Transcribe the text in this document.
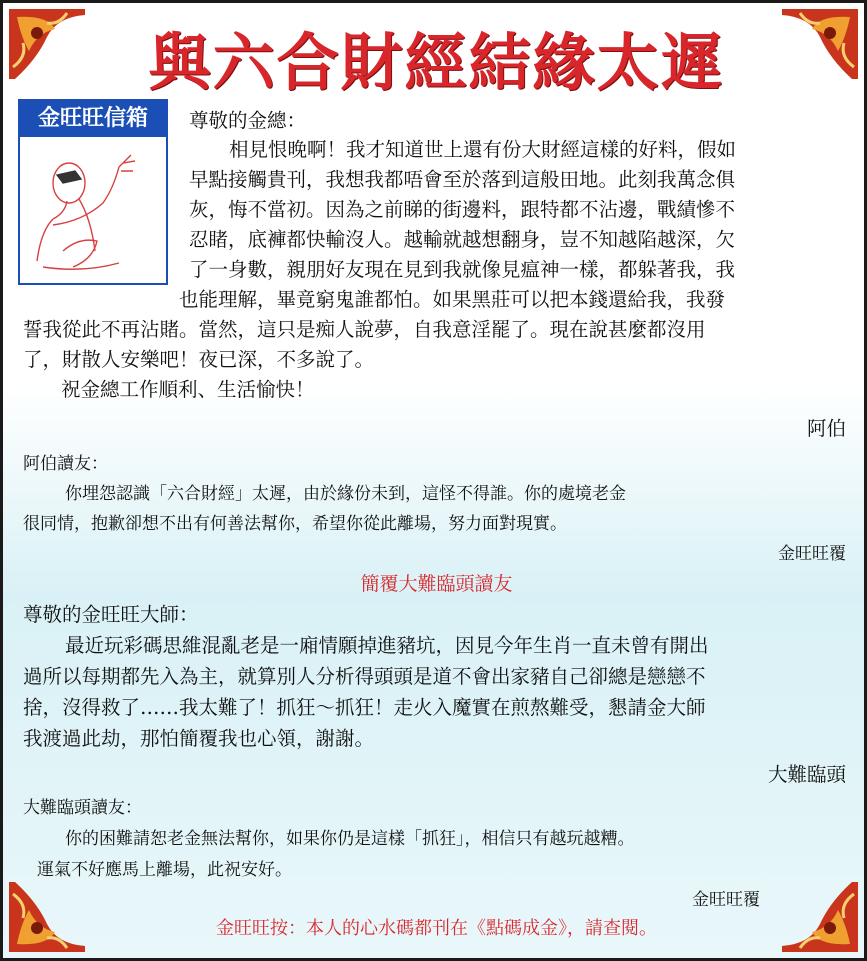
與六合財經結緣太遲
金旺旺信箱	尊敬的金總：
相見恨晚啊！我才知道世上還有份大財經這樣的好料，假如
早點接觸貴刊，我想我都唔會至於落到這般田地。此刻我萬念俱
灰，悔不當初。因為之前睇的街邊料，跟特都不沾邊，戰績慘不
忍睹，底褲都快輸沒人。越輸就越想翻身，豈不知越陷越深，欠
了一身數，親朋好友現在見到我就像見瘟神一樣，都躲著我，我
也能理解，畢竟窮鬼誰都怕。如果黑莊可以把本錢還給我，我發
誓我從此不再沾賭。當然，這只是痴人說夢，自我意淫罷了。現在說甚麼都沒用
了，財散人安樂吧！夜已深，不多說了。
祝金總工作順利、生活愉快！
阿伯
阿伯讀友：
你埋怨認識「六合財經」太遲，由於緣份未到，這怪不得誰。你的處境老金
很同情，抱歉卻想不出有何善法幫你，希望你從此離場，努力面對現實。
金旺旺覆
簡覆大難臨頭讀友
尊敬的金旺旺大師：
最近玩彩碼思維混亂老是一廂情願掉進豬坑，因見今年生肖一直未曾有開出
過所以每期都先入為主，就算別人分析得頭頭是道不會出家豬自己卻總是戀戀不
捨，沒得救了……我太難了！抓狂～抓狂！走火入魔實在煎熬難受，懇請金大師
我渡過此劫，那怕簡覆我也心領，謝謝。
大難臨頭
大難臨頭讀友：
你的困難請恕老金無法幫你，如果你仍是這樣「抓狂」，相信只有越玩越糟。
運氣不好應馬上離場，此祝安好。
金旺旺覆
金旺旺按：本人的心水碼都刊在《點碼成金》，請查閱。
